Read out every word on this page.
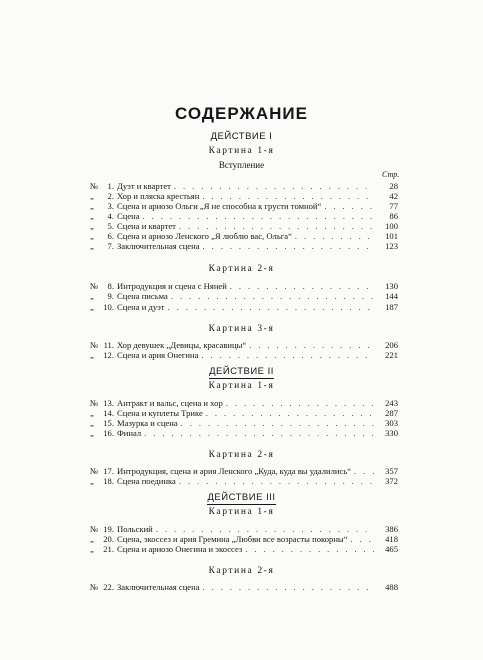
СОДЕРЖАНИЕ
ДЕЙСТВИЕ I
Картина 1-я
Вступление
Стр.
№	1. Дуэт и квартет . . .	28
„	2. Хор и пляска крестьян . . .	42
„	3. Сцена и ариозо Ольги „Я не способна к грусти томной“ . . .	77
„	4. Сцена . . .	86
„	5. Сцена и квартет . . .	100
„	6. Сцена и ариозо Ленского „Я люблю вас, Ольга“ . . .	101
„	7. Заключительная сцена . . .	123
Картина 2-я
№	8. Интродукция и сцена с Няней . . .	130
„	9. Сцена письма . . .	144
„	10. Сцена и дуэт . . .	187
Картина 3-я
№ 11. Хор девушек „Девицы, красавицы“ . . .	206
„	12. Сцена и ария Онегина . . .	221
ДЕЙСТВИЕ II
Картина 1-я
№ 13. Антракт и вальс, сцена и хор . . .	243
„	14. Сцена и куплеты Трике . . .	287
„	15. Мазурка и сцена . . .	303
„	16. Финал . . .	330
Картина 2-я
№ 17. Интродукция, сцена и ария Ленского „Куда, куда вы удалились“ . . .	357
„	18. Сцена поединка . . .	372
ДЕЙСТВИЕ III
Картина 1-я
№ 19. Польский . . .	386
„	20. Сцена, экоссез и ария Гремина „Любви все возрасты покорны“ . . .	418
„	21. Сцена и ариозо Онегина и экоссез . . .	465
Картина 2-я
№ 22. Заключительная сцена . . .	488
